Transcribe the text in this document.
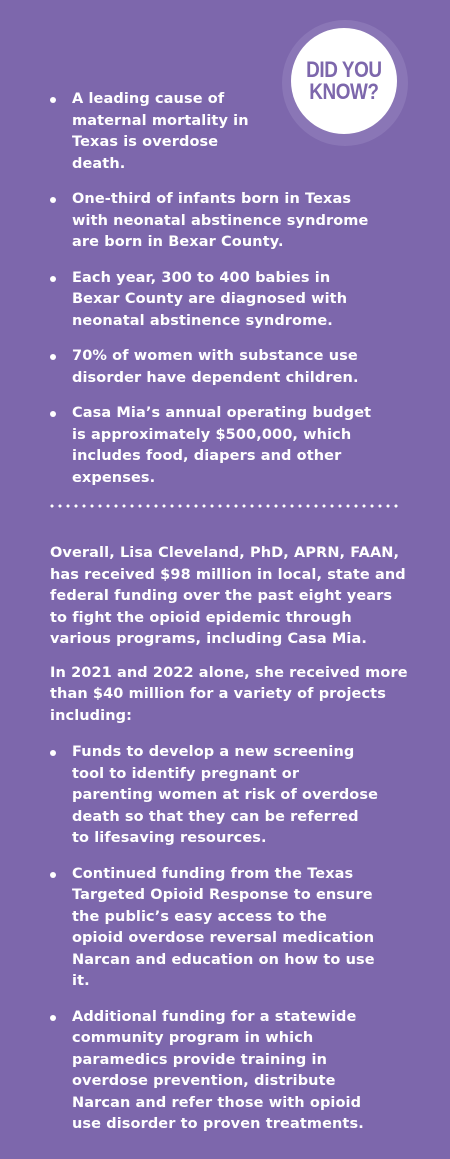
DID YOU
KNOW?
A leading cause of maternal mortality in Texas is overdose death.
One-third of infants born in Texas with neonatal abstinence syndrome are born in Bexar County.
Each year, 300 to 400 babies in Bexar County are diagnosed with neonatal abstinence syndrome.
70% of women with substance use disorder have dependent children.
Casa Mia’s annual operating budget is approximately $500,000, which includes food, diapers and other expenses.

Overall, Lisa Cleveland, PhD, APRN, FAAN, has received $98 million in local, state and federal funding over the past eight years to fight the opioid epidemic through various programs, including Casa Mia.

In 2021 and 2022 alone, she received more than $40 million for a variety of projects including:

Funds to develop a new screening tool to identify pregnant or parenting women at risk of overdose death so that they can be referred to lifesaving resources.
Continued funding from the Texas Targeted Opioid Response to ensure the public’s easy access to the opioid overdose reversal medication Narcan and education on how to use it.
Additional funding for a statewide community program in which paramedics provide training in overdose prevention, distribute Narcan and refer those with opioid use disorder to proven treatments.
